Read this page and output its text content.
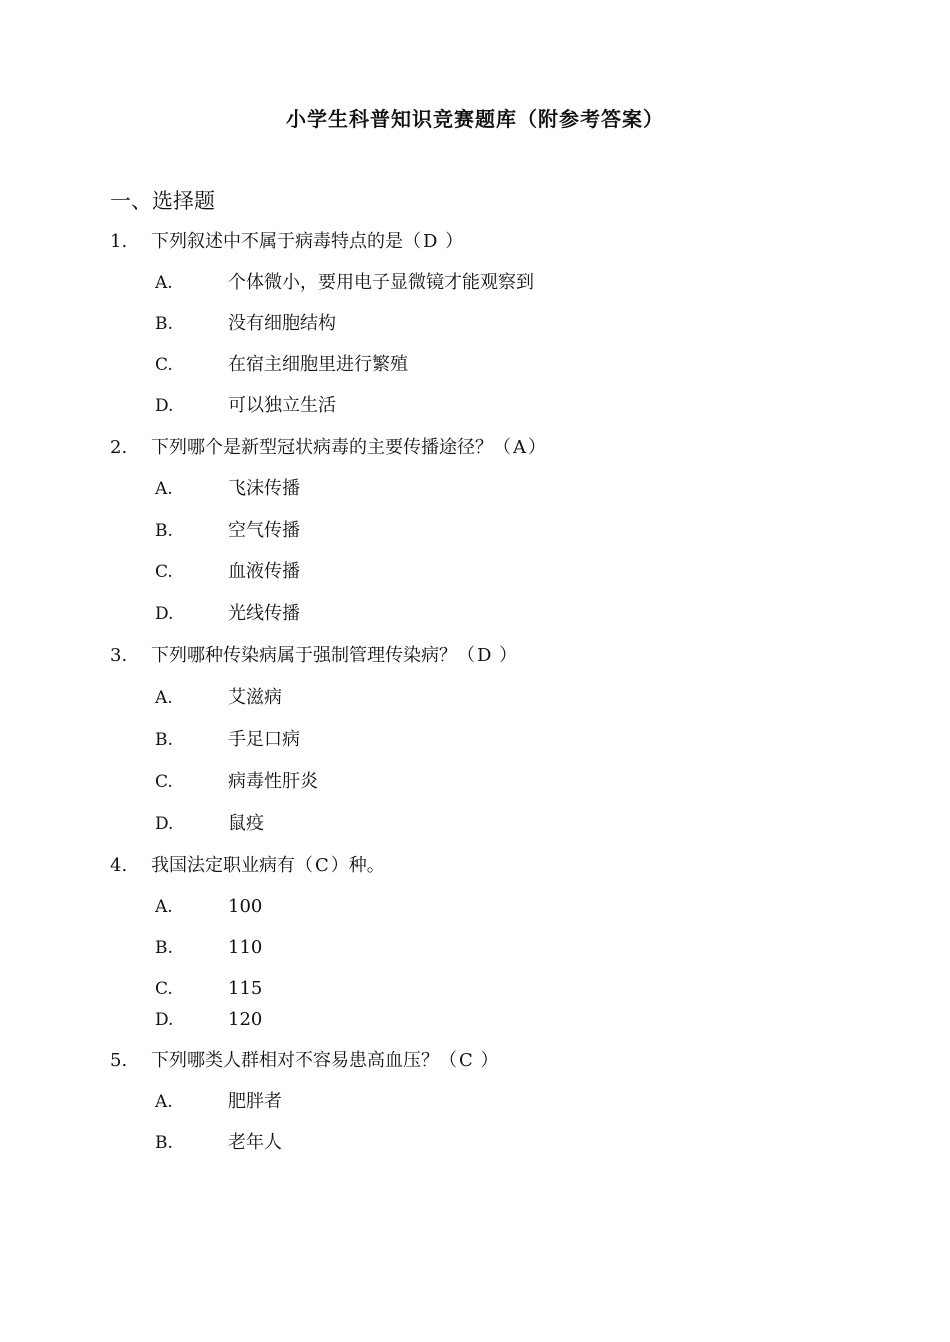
小学生科普知识竞赛题库（附参考答案）
一、选择题
1. 下列叙述中不属于病毒特点的是（D ）
A.	个体微小，要用电子显微镜才能观察到
B.	没有细胞结构
C.	在宿主细胞里进行繁殖
D.	可以独立生活
2. 下列哪个是新型冠状病毒的主要传播途径？（A）
A.	飞沫传播
B.	空气传播
C.	血液传播
D.	光线传播
3. 下列哪种传染病属于强制管理传染病？（D ）
A.	艾滋病
B.	手足口病
C.	病毒性肝炎
D.	鼠疫
4. 我国法定职业病有（C）种。
A.	100
B.	110
C.	115
D.	120
5. 下列哪类人群相对不容易患高血压？（C ）
A.	肥胖者
B.	老年人
